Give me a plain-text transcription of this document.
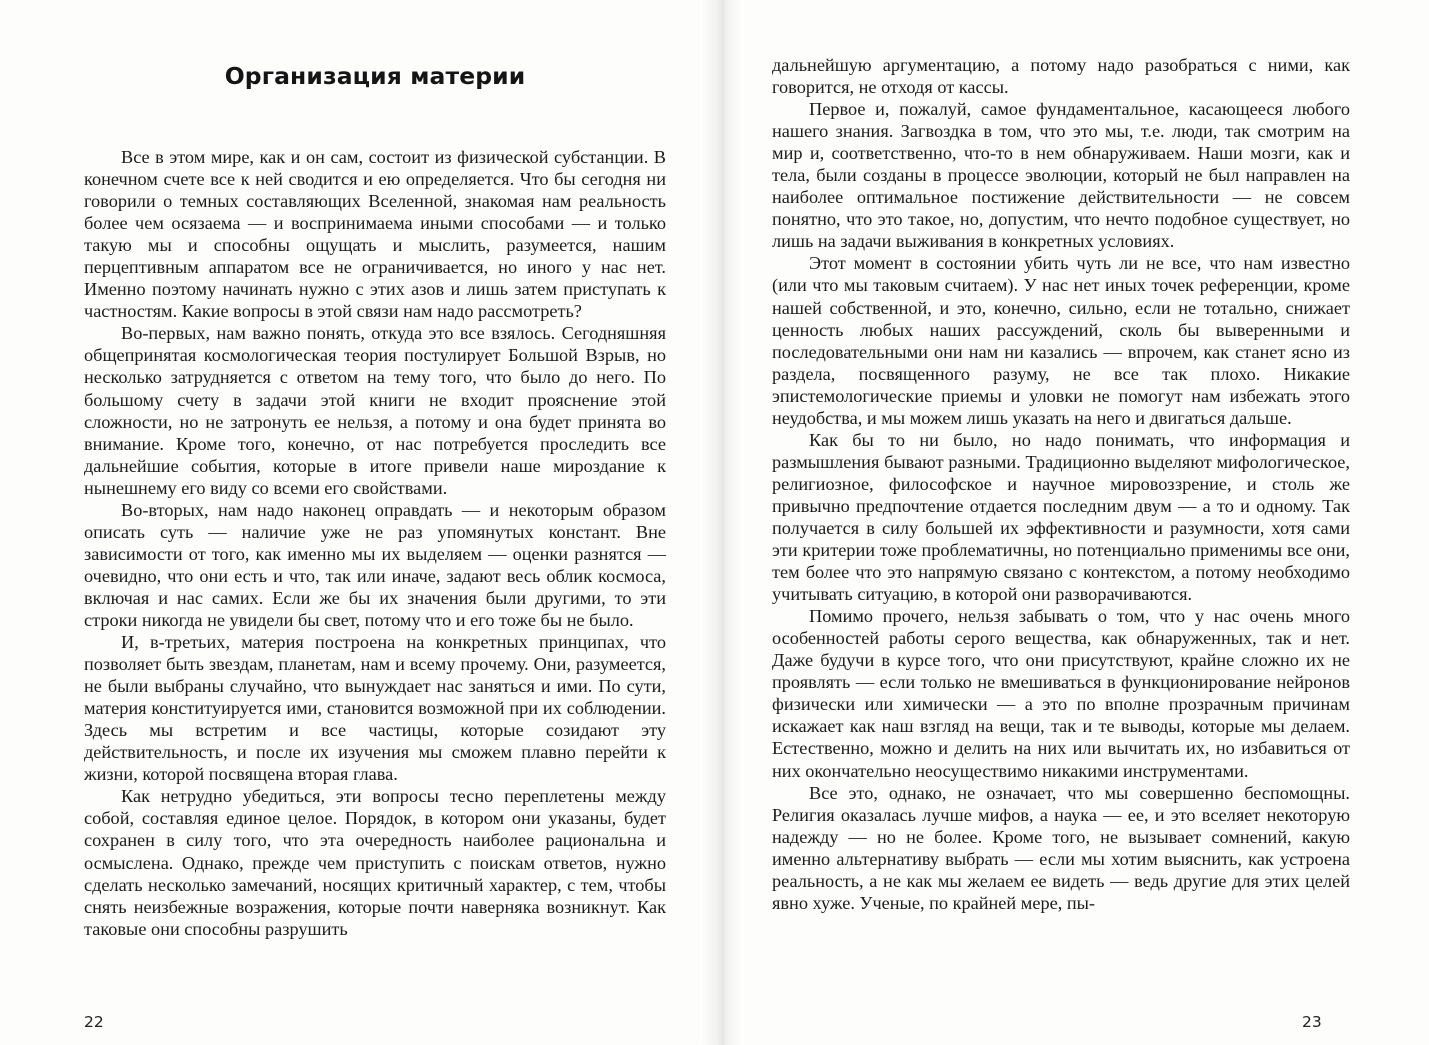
Организация материи

Все в этом мире, как и он сам, состоит из физической субстанции. В конечном счете все к ней сводится и ею определяется. Что бы сегодня ни говорили о темных составляющих Вселенной, знакомая нам реальность более чем осязаема — и воспринимаема иными способами — и только такую мы и способны ощущать и мыслить, разумеется, нашим перцептивным аппаратом все не ограничивается, но иного у нас нет. Именно поэтому начинать нужно с этих азов и лишь затем приступать к частностям. Какие вопросы в этой связи нам надо рассмотреть?

Во-первых, нам важно понять, откуда это все взялось. Сегодняшняя общепринятая космологическая теория постулирует Большой Взрыв, но несколько затрудняется с ответом на тему того, что было до него. По большому счету в задачи этой книги не входит прояснение этой сложности, но не затронуть ее нельзя, а потому и она будет принята во внимание. Кроме того, конечно, от нас потребуется проследить все дальнейшие события, которые в итоге привели наше мироздание к нынешнему его виду со всеми его свойствами.

Во-вторых, нам надо наконец оправдать — и некоторым образом описать суть — наличие уже не раз упомянутых констант. Вне зависимости от того, как именно мы их выделяем — оценки разнятся — очевидно, что они есть и что, так или иначе, задают весь облик космоса, включая и нас самих. Если же бы их значения были другими, то эти строки никогда не увидели бы свет, потому что и его тоже бы не было.

И, в-третьих, материя построена на конкретных принципах, что позволяет быть звездам, планетам, нам и всему прочему. Они, разумеется, не были выбраны случайно, что вынуждает нас заняться и ими. По сути, материя конституируется ими, становится возможной при их соблюдении. Здесь мы встретим и все частицы, которые созидают эту действительность, и после их изучения мы сможем плавно перейти к жизни, которой посвящена вторая глава.

Как нетрудно убедиться, эти вопросы тесно переплетены между собой, составляя единое целое. Порядок, в котором они указаны, будет сохранен в силу того, что эта очередность наиболее рациональна и осмыслена. Однако, прежде чем приступить с поискам ответов, нужно сделать несколько замечаний, носящих критичный характер, с тем, чтобы снять неизбежные возражения, которые почти наверняка возникнут. Как таковые они способны разрушить

22

дальнейшую аргументацию, а потому надо разобраться с ними, как говорится, не отходя от кассы.

Первое и, пожалуй, самое фундаментальное, касающееся любого нашего знания. Загвоздка в том, что это мы, т.е. люди, так смотрим на мир и, соответственно, что-то в нем обнаруживаем. Наши мозги, как и тела, были созданы в процессе эволюции, который не был направлен на наиболее оптимальное постижение действительности — не совсем понятно, что это такое, но, допустим, что нечто подобное существует, но лишь на задачи выживания в конкретных условиях.

Этот момент в состоянии убить чуть ли не все, что нам известно (или что мы таковым считаем). У нас нет иных точек референции, кроме нашей собственной, и это, конечно, сильно, если не тотально, снижает ценность любых наших рассуждений, сколь бы выверенными и последовательными они нам ни казались — впрочем, как станет ясно из раздела, посвященного разуму, не все так плохо. Никакие эпистемологические приемы и уловки не помогут нам избежать этого неудобства, и мы можем лишь указать на него и двигаться дальше.

Как бы то ни было, но надо понимать, что информация и размышления бывают разными. Традиционно выделяют мифологическое, религиозное, философское и научное мировоззрение, и столь же привычно предпочтение отдается последним двум — а то и одному. Так получается в силу большей их эффективности и разумности, хотя сами эти критерии тоже проблематичны, но потенциально применимы все они, тем более что это напрямую связано с контекстом, а потому необходимо учитывать ситуацию, в которой они разворачиваются.

Помимо прочего, нельзя забывать о том, что у нас очень много особенностей работы серого вещества, как обнаруженных, так и нет. Даже будучи в курсе того, что они присутствуют, крайне сложно их не проявлять — если только не вмешиваться в функционирование нейронов физически или химически — а это по вполне прозрачным причинам искажает как наш взгляд на вещи, так и те выводы, которые мы делаем. Естественно, можно и делить на них или вычитать их, но избавиться от них окончательно неосуществимо никакими инструментами.

Все это, однако, не означает, что мы совершенно беспомощны. Религия оказалась лучше мифов, а наука — ее, и это вселяет некоторую надежду — но не более. Кроме того, не вызывает сомнений, какую именно альтернативу выбрать — если мы хотим выяснить, как устроена реальность, а не как мы желаем ее видеть — ведь другие для этих целей явно хуже. Ученые, по крайней мере, пы-

23
